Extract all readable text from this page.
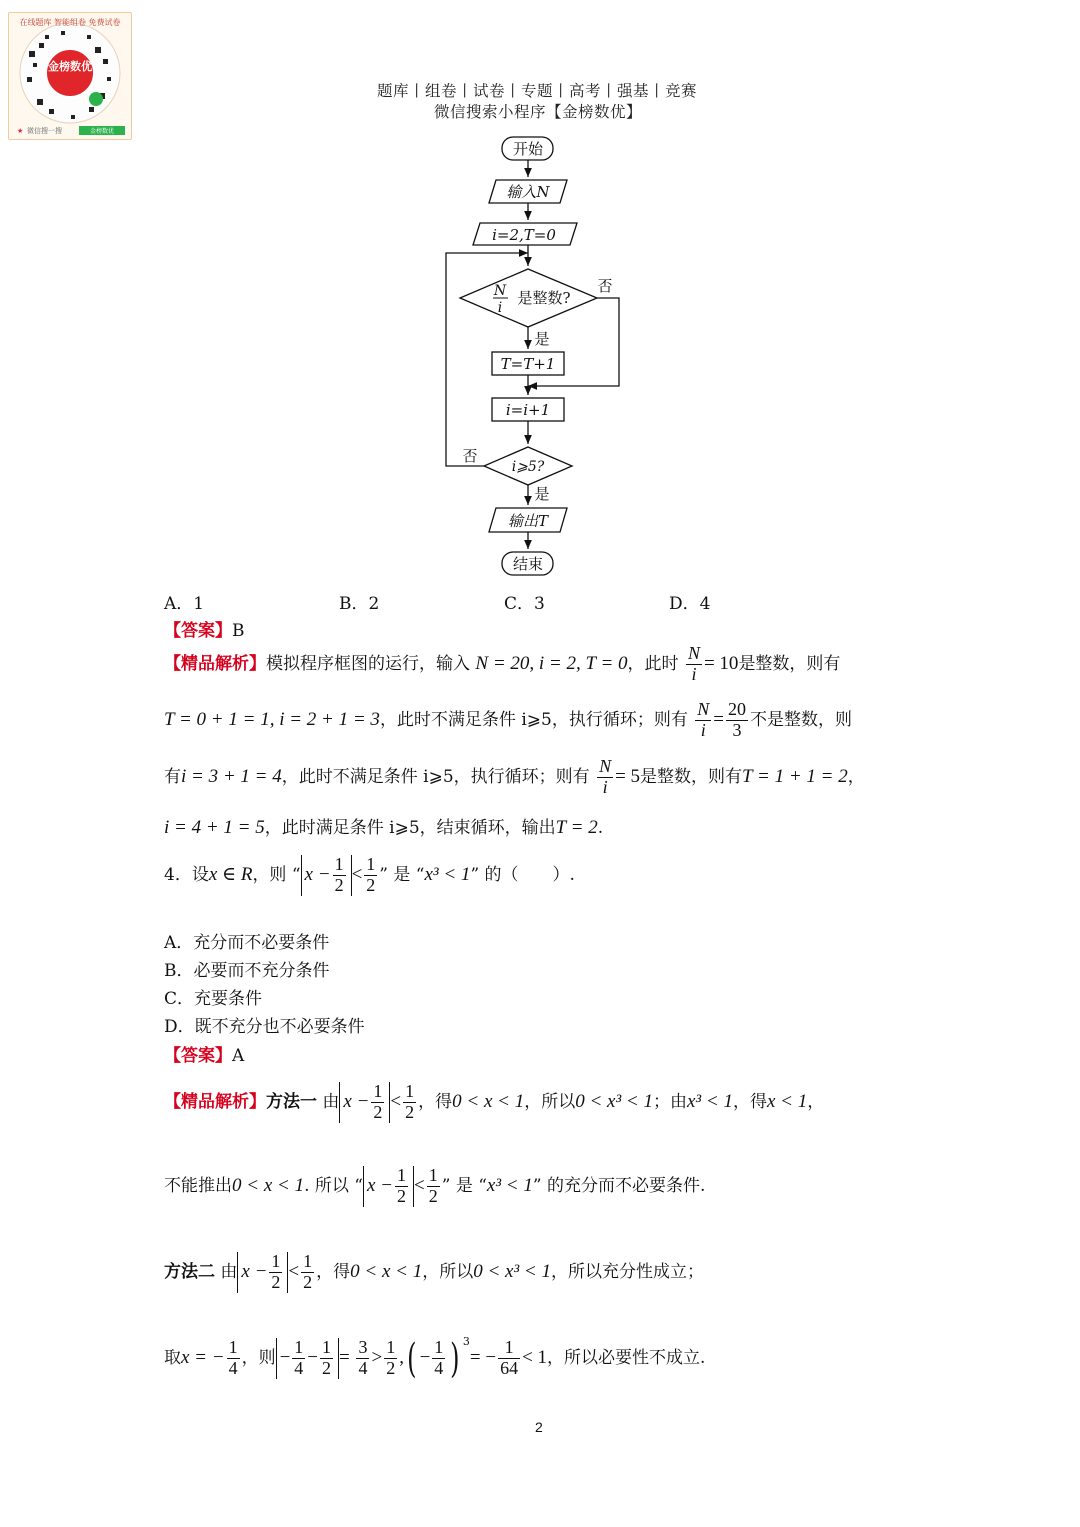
金榜数优
在线题库 智能组卷 免费试卷
★ 微信搜一搜	金榜数优
题库丨组卷丨试卷丨专题丨高考丨强基丨竞赛
微信搜索小程序【金榜数优】
开始
输入N
i=2,T=0
N
i
是整数?
否
是
T=T+1
i=i+1
i⩾5?
否
是
输出T
结束
A．1	B．2	C．3	D．4
【答案】B
【精品解析】模拟程序框图的运行，输入 N = 20, i = 2, T = 0，此时 $\frac{N}{i} = 10$是整数，则有
T = 0 + 1 = 1, i = 2 + 1 = 3，此时不满足条件 i⩾5，执行循环；则有 $\frac{N}{i} = \frac{20}{3}$ 不是整数，则
有i = 3 + 1 = 4，此时不满足条件 i⩾5，执行循环；则有 $\frac{N}{i} = 5$是整数，则有T = 1 + 1 = 2，
i = 4 + 1 = 5，此时满足条件 i⩾5，结束循环，输出T = 2.
4．设x ∈ R，则 “ $x - \frac{1}{2} < \frac{1}{2}$ ” 是 “x³ < 1” 的（　　）.
A．充分而不必要条件
B．必要而不充分条件
C．充要条件
D．既不充分也不必要条件
【答案】A
【精品解析】方法一 由 $x - \frac{1}{2} < \frac{1}{2}$ ，得0 < x < 1，所以0 < x³ < 1；由x³ < 1，得x < 1，
不能推出0 < x < 1. 所以 “ $x - \frac{1}{2} < \frac{1}{2}$ ” 是 “x³ < 1” 的充分而不必要条件.
方法二 由 $x - \frac{1}{2} < \frac{1}{2}$ ，得0 < x < 1，所以0 < x³ < 1，所以充分性成立；
取x = − $\frac{1}{4}$ ，则 − $\frac{1}{4} - \frac{1}{2} = \frac{3}{4} > \frac{1}{2}$ ,( − $\frac{1}{4}$ ) $^3= - \frac{1}{64} < 1$，所以必要性不成立.
2
